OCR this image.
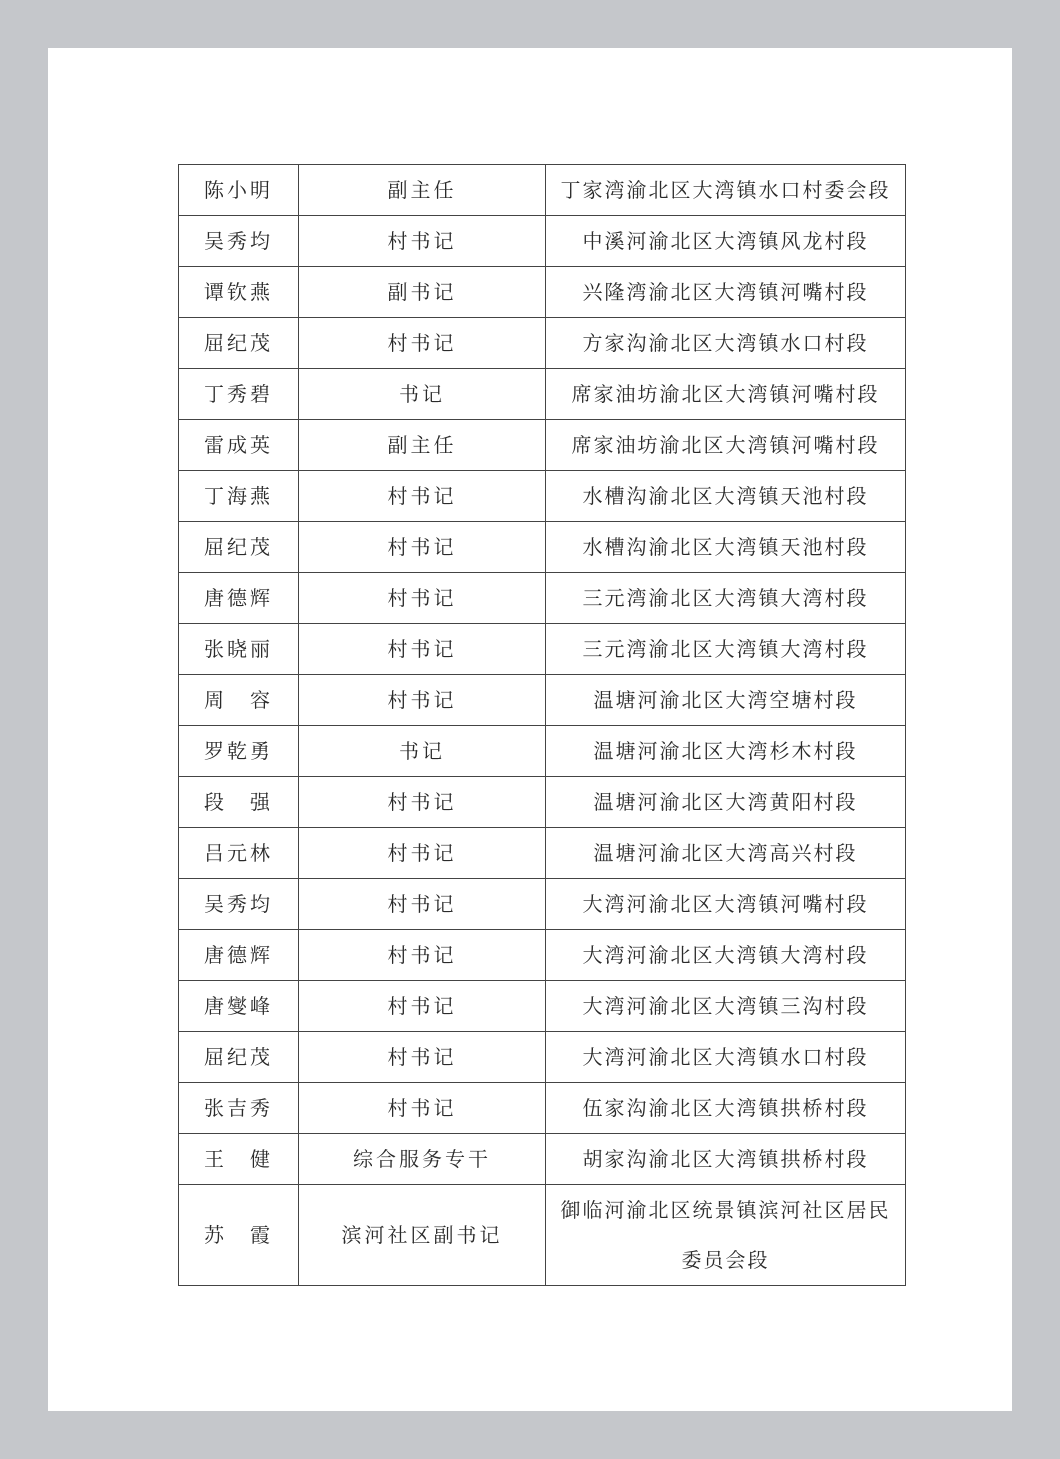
陈小明	副主任	丁家湾渝北区大湾镇水口村委会段
吴秀均	村书记	中溪河渝北区大湾镇风龙村段
谭钦燕	副书记	兴隆湾渝北区大湾镇河嘴村段
屈纪茂	村书记	方家沟渝北区大湾镇水口村段
丁秀碧	书记	席家油坊渝北区大湾镇河嘴村段
雷成英	副主任	席家油坊渝北区大湾镇河嘴村段
丁海燕	村书记	水槽沟渝北区大湾镇天池村段
屈纪茂	村书记	水槽沟渝北区大湾镇天池村段
唐德辉	村书记	三元湾渝北区大湾镇大湾村段
张晓丽	村书记	三元湾渝北区大湾镇大湾村段
周　容	村书记	温塘河渝北区大湾空塘村段
罗乾勇	书记	温塘河渝北区大湾杉木村段
段　强	村书记	温塘河渝北区大湾黄阳村段
吕元林	村书记	温塘河渝北区大湾高兴村段
吴秀均	村书记	大湾河渝北区大湾镇河嘴村段
唐德辉	村书记	大湾河渝北区大湾镇大湾村段
唐燮峰	村书记	大湾河渝北区大湾镇三沟村段
屈纪茂	村书记	大湾河渝北区大湾镇水口村段
张吉秀	村书记	伍家沟渝北区大湾镇拱桥村段
王　健	综合服务专干	胡家沟渝北区大湾镇拱桥村段
苏　霞	滨河社区副书记	御临河渝北区统景镇滨河社区居民委员会段
